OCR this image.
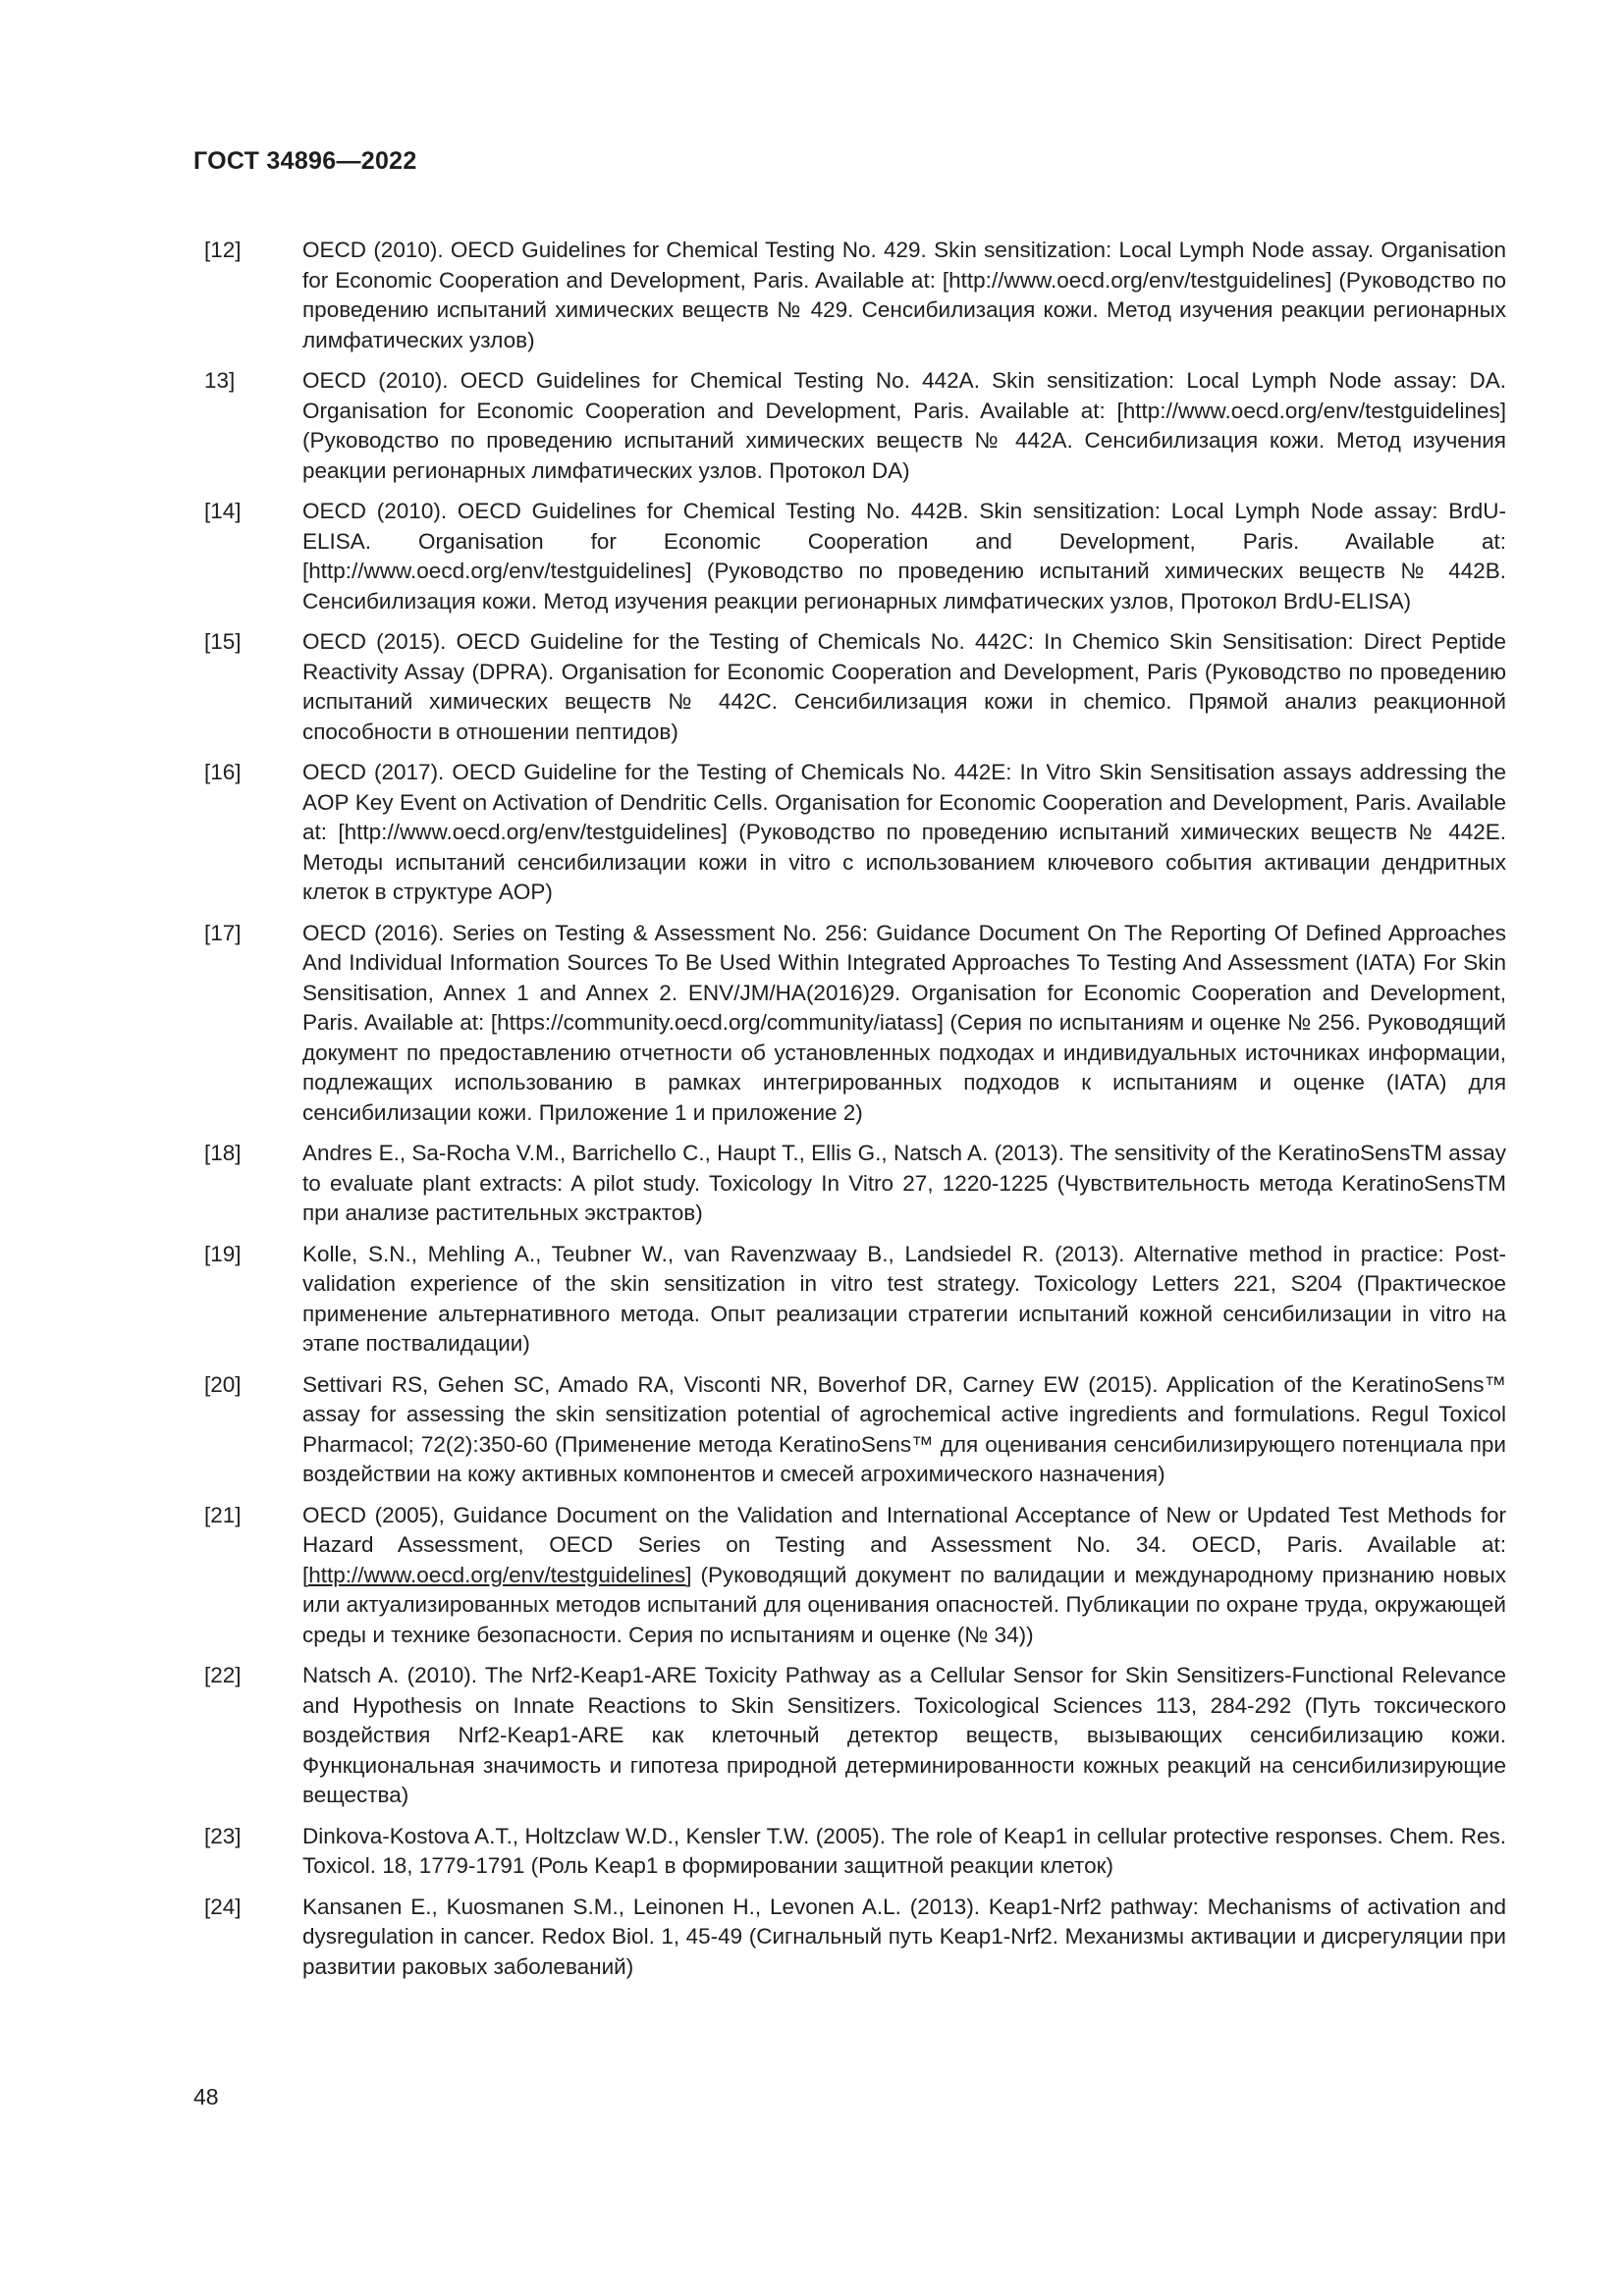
ГОСТ 34896—2022
[12]	OECD (2010). OECD Guidelines for Chemical Testing No. 429. Skin sensitization: Local Lymph Node assay. Organisation for Economic Cooperation and Development, Paris. Available at: [http://www.oecd.org/env/testguidelines] (Руководство по проведению испытаний химических веществ № 429. Сенсибилизация кожи. Метод изучения реакции регионарных лимфатических узлов)
13]	OECD (2010). OECD Guidelines for Chemical Testing No. 442A. Skin sensitization: Local Lymph Node assay: DA. Organisation for Economic Cooperation and Development, Paris. Available at: [http://www.oecd.org/env/testguidelines] (Руководство по проведению испытаний химических веществ № 442A. Сенсибилизация кожи. Метод изучения реакции регионарных лимфатических узлов. Протокол DA)
[14]	OECD (2010). OECD Guidelines for Chemical Testing No. 442B. Skin sensitization: Local Lymph Node assay: BrdU-ELISA. Organisation for Economic Cooperation and Development, Paris. Available at: [http://www.oecd.org/env/testguidelines] (Руководство по проведению испытаний химических веществ № 442B. Сенсибилизация кожи. Метод изучения реакции регионарных лимфатических узлов, Протокол BrdU-ELISA)
[15]	OECD (2015). OECD Guideline for the Testing of Chemicals No. 442C: In Chemico Skin Sensitisation: Direct Peptide Reactivity Assay (DPRA). Organisation for Economic Cooperation and Development, Paris (Руководство по проведению испытаний химических веществ № 442C. Сенсибилизация кожи in chemico. Прямой анализ реакционной способности в отношении пептидов)
[16]	OECD (2017). OECD Guideline for the Testing of Chemicals No. 442E: In Vitro Skin Sensitisation assays addressing the AOP Key Event on Activation of Dendritic Cells. Organisation for Economic Cooperation and Development, Paris. Available at: [http://www.oecd.org/env/testguidelines] (Руководство по проведению испытаний химических веществ № 442E. Методы испытаний сенсибилизации кожи in vitro с использованием ключевого события активации дендритных клеток в структуре AOP)
[17]	OECD (2016). Series on Testing & Assessment No. 256: Guidance Document On The Reporting Of Defined Approaches And Individual Information Sources To Be Used Within Integrated Approaches To Testing And Assessment (IATA) For Skin Sensitisation, Annex 1 and Annex 2. ENV/JM/HA(2016)29. Organisation for Economic Cooperation and Development, Paris. Available at: [https://community.oecd.org/community/iatass] (Серия по испытаниям и оценке № 256. Руководящий документ по предоставлению отчетности об установленных подходах и индивидуальных источниках информации, подлежащих использованию в рамках интегрированных подходов к испытаниям и оценке (IATA) для сенсибилизации кожи. Приложение 1 и приложение 2)
[18]	Andres E., Sa-Rocha V.M., Barrichello C., Haupt T., Ellis G., Natsch A. (2013). The sensitivity of the KeratinoSensTM assay to evaluate plant extracts: A pilot study. Toxicology In Vitro 27, 1220-1225 (Чувствительность метода KeratinoSensTM при анализе растительных экстрактов)
[19]	Kolle, S.N., Mehling A., Teubner W., van Ravenzwaay B., Landsiedel R. (2013). Alternative method in practice: Post-validation experience of the skin sensitization in vitro test strategy. Toxicology Letters 221, S204 (Практическое применение альтернативного метода. Опыт реализации стратегии испытаний кожной сенсибилизации in vitro на этапе поствалидации)
[20]	Settivari RS, Gehen SC, Amado RA, Visconti NR, Boverhof DR, Carney EW (2015). Application of the KeratinoSens™ assay for assessing the skin sensitization potential of agrochemical active ingredients and formulations. Regul Toxicol Pharmacol; 72(2):350-60 (Применение метода KeratinoSens™ для оценивания сенсибилизирующего потенциала при воздействии на кожу активных компонентов и смесей агрохимического назначения)
[21]	OECD (2005), Guidance Document on the Validation and International Acceptance of New or Updated Test Methods for Hazard Assessment, OECD Series on Testing and Assessment No. 34. OECD, Paris. Available at: [http://www.oecd.org/env/testguidelines] (Руководящий документ по валидации и международному признанию новых или актуализированных методов испытаний для оценивания опасностей. Публикации по охране труда, окружающей среды и технике безопасности. Серия по испытаниям и оценке (№ 34))
[22]	Natsch A. (2010). The Nrf2-Keap1-ARE Toxicity Pathway as a Cellular Sensor for Skin Sensitizers-Functional Relevance and Hypothesis on Innate Reactions to Skin Sensitizers. Toxicological Sciences 113, 284-292 (Путь токсического воздействия Nrf2-Keap1-ARE как клеточный детектор веществ, вызывающих сенсибилизацию кожи. Функциональная значимость и гипотеза природной детерминированности кожных реакций на сенсибилизирующие вещества)
[23]	Dinkova-Kostova A.T., Holtzclaw W.D., Kensler T.W. (2005). The role of Keap1 in cellular protective responses. Chem. Res. Toxicol. 18, 1779-1791 (Роль Keap1 в формировании защитной реакции клеток)
[24]	Kansanen E., Kuosmanen S.M., Leinonen H., Levonen A.L. (2013). Keap1-Nrf2 pathway: Mechanisms of activation and dysregulation in cancer. Redox Biol. 1, 45-49 (Сигнальный путь Keap1-Nrf2. Механизмы активации и дисрегуляции при развитии раковых заболеваний)
48
